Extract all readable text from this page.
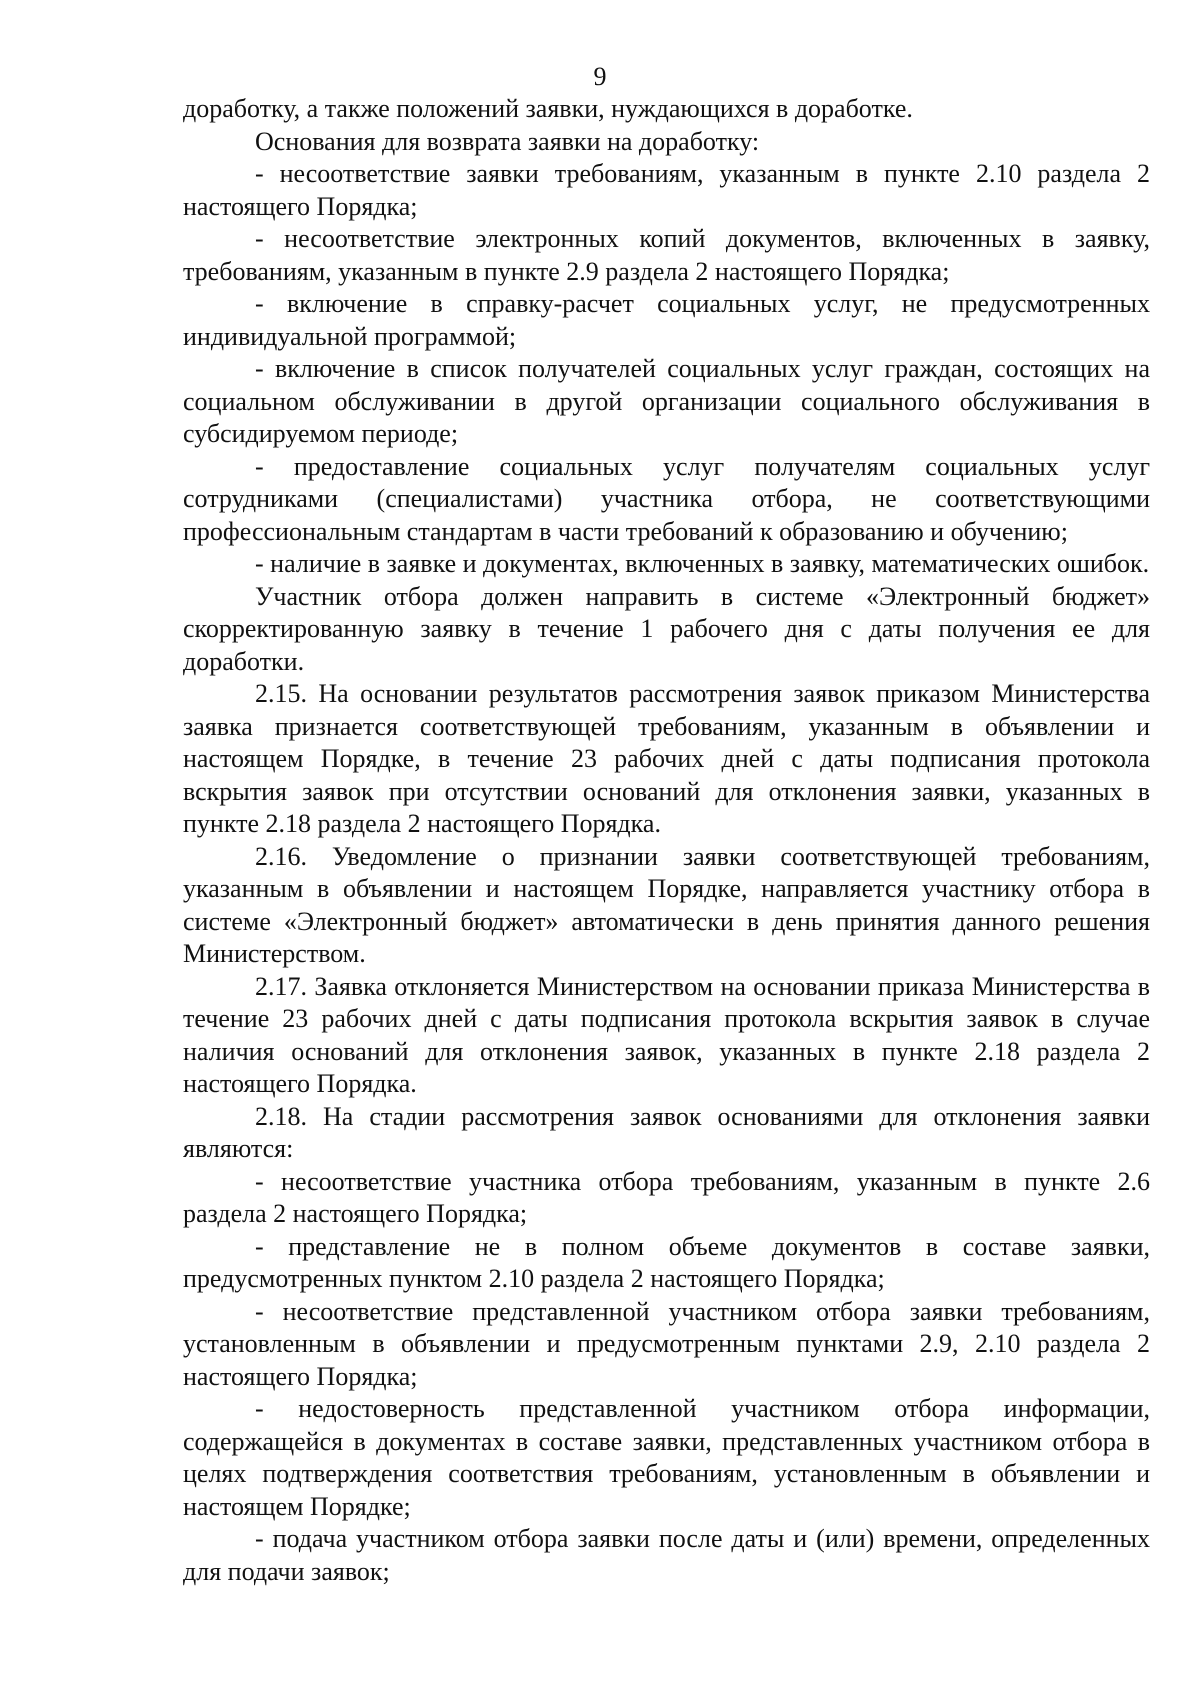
9

доработку, а также положений заявки, нуждающихся в доработке.

Основания для возврата заявки на доработку:

- несоответствие заявки требованиям, указанным в пункте 2.10 раздела 2 настоящего Порядка;

- несоответствие электронных копий документов, включенных в заявку, требованиям, указанным в пункте 2.9 раздела 2 настоящего Порядка;

- включение в справку-расчет социальных услуг, не предусмотренных индивидуальной программой;

- включение в список получателей социальных услуг граждан, состоящих на социальном обслуживании в другой организации социального обслуживания в субсидируемом периоде;

- предоставление социальных услуг получателям социальных услуг сотрудниками (специалистами) участника отбора, не соответствующими профессиональным стандартам в части требований к образованию и обучению;

- наличие в заявке и документах, включенных в заявку, математических ошибок.

Участник отбора должен направить в системе «Электронный бюджет» скорректированную заявку в течение 1 рабочего дня с даты получения ее для доработки.

2.15. На основании результатов рассмотрения заявок приказом Министерства заявка признается соответствующей требованиям, указанным в объявлении и настоящем Порядке, в течение 23 рабочих дней с даты подписания протокола вскрытия заявок при отсутствии оснований для отклонения заявки, указанных в пункте 2.18 раздела 2 настоящего Порядка.

2.16. Уведомление о признании заявки соответствующей требованиям, указанным в объявлении и настоящем Порядке, направляется участнику отбора в системе «Электронный бюджет» автоматически в день принятия данного решения Министерством.

2.17. Заявка отклоняется Министерством на основании приказа Министерства в течение 23 рабочих дней с даты подписания протокола вскрытия заявок в случае наличия оснований для отклонения заявок, указанных в пункте 2.18 раздела 2 настоящего Порядка.

2.18. На стадии рассмотрения заявок основаниями для отклонения заявки являются:

- несоответствие участника отбора требованиям, указанным в пункте 2.6 раздела 2 настоящего Порядка;

- представление не в полном объеме документов в составе заявки, предусмотренных пунктом 2.10 раздела 2 настоящего Порядка;

- несоответствие представленной участником отбора заявки требованиям, установленным в объявлении и предусмотренным пунктами 2.9, 2.10 раздела 2 настоящего Порядка;

- недостоверность представленной участником отбора информации, содержащейся в документах в составе заявки, представленных участником отбора в целях подтверждения соответствия требованиям, установленным в объявлении и настоящем Порядке;

- подача участником отбора заявки после даты и (или) времени, определенных для подачи заявок;
